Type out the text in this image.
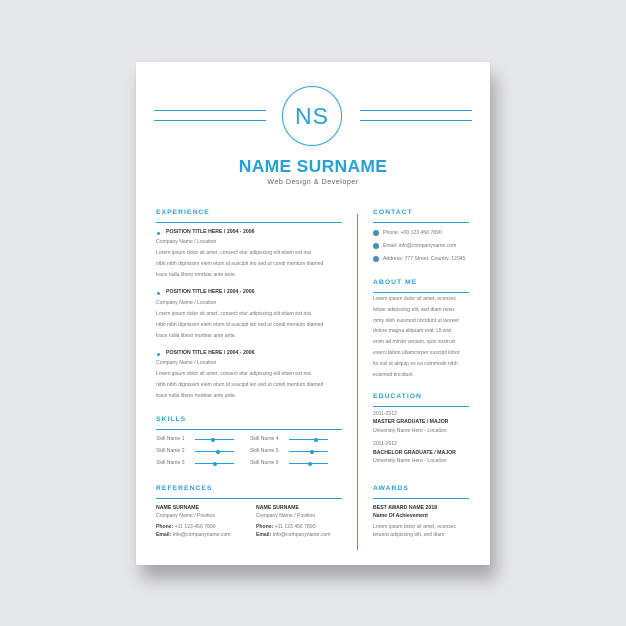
NS
NAME SURNAME
Web Design & Developer
EXPERIENCE
POSITION TITLE HERE / 2004 - 2006
Company Name / Location
Lorem ipsum dolor sit amet, consect etur adipiscing elit etiam est nisi
nibh nibh dignissim elem etum id suscipit leo sed ut condi mentum diamed
trace nulla libero morbiar ante ante.
POSITION TITLE HERE / 2004 - 2006
Company Name / Location
Lorem ipsum dolor sit amet, consect etur adipiscing elit etiam est nisi
nibh nibh dignissim elem etum id suscipit leo sed ut condi mentum diamed
trace nulla libero morbiar ante ante.
POSITION TITLE HERE / 2004 - 2006
Company Name / Location
Lorem ipsum dolor sit amet, consect etur adipiscing elit etiam est nisi
nibh nibh dignissim elem etum id suscipit leo sed ut condi mentum diamed
trace nulla libero morbiar ante ante.
SKILLS
Skill Name 1
Skill Name 2
Skill Name 3
Skill Name 4
Skill Name 5
Skill Name 6
REFERENCES
NAME SURNAME
Company Name / Position
Phone: +11 123 456 7890
Email: info@companyname.com
NAME SURNAME
Company Name / Position
Phone: +11 123 456 7890
Email: info@companyname.com
CONTACT
Phone: +00 123 456 7890
Email: info@companyname.com
Address: 777 Street, Country, 12345
ABOUT ME
Lorem ipsum dolor sit amet, econsec
tetuer adipiscing elit, sed diam nonu
mmy nibh euismod tincidunt ut laoreet
dolore magna aliquam erat. Ut wisi
enim ad minim veniam, quis nostrud
exerci tation ullamcorper suscipit lobor
tis nisl ut aliquip ex ea commodo nibh
euismod tincidunt .
EDUCATION
2011-2012
MASTER GRADUATE / MAJOR
University Name Here - Location
2011-2012
BACHELOR GRADUATE / MAJOR
University Name Here - Location
AWARDS
BEST AWARD NAME 2018
Name Of Achievement
Lorem ipsum dolor sit amet, econsec
tetuera adipiscing elit, sed diam
